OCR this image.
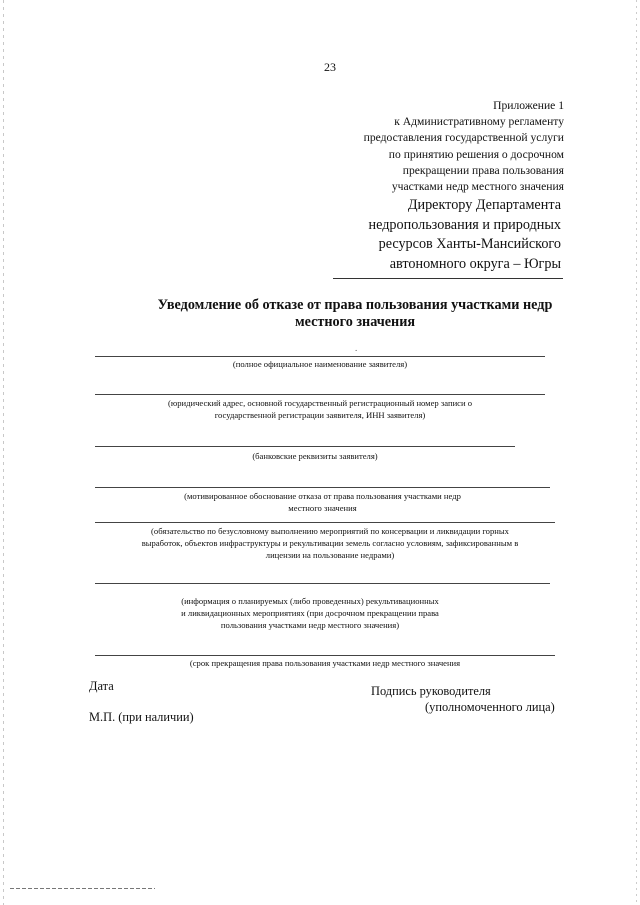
23
Приложение 1
к Административному регламенту
предоставления государственной услуги
по принятию решения о досрочном
прекращении права пользования
участками недр местного значения
Директору Департамента
недропользования и природных
ресурсов Ханты-Мансийского
автономного округа – Югры
Уведомление об отказе от права пользования участками недр
местного значения
.
(полное официальное наименование заявителя)
(юридический адрес, основной государственный регистрационный номер записи о
государственной регистрации заявителя, ИНН заявителя)
(банковские реквизиты заявителя)
(мотивированное обоснование отказа от права пользования участками недр
местного значения
(обязательство по безусловному выполнению мероприятий по консервации и ликвидации горных
выработок, объектов инфраструктуры и рекультивации земель согласно условиям, зафиксированным в
лицензии на пользование недрами)
(информация о планируемых (либо проведенных) рекультивационных
и ликвидационных мероприятиях (при досрочном прекращении права
пользования участками недр местного значения)
(срок прекращения права пользования участками недр местного значения
Дата	Подпись руководителя
(уполномоченного лица)
М.П. (при наличии)
